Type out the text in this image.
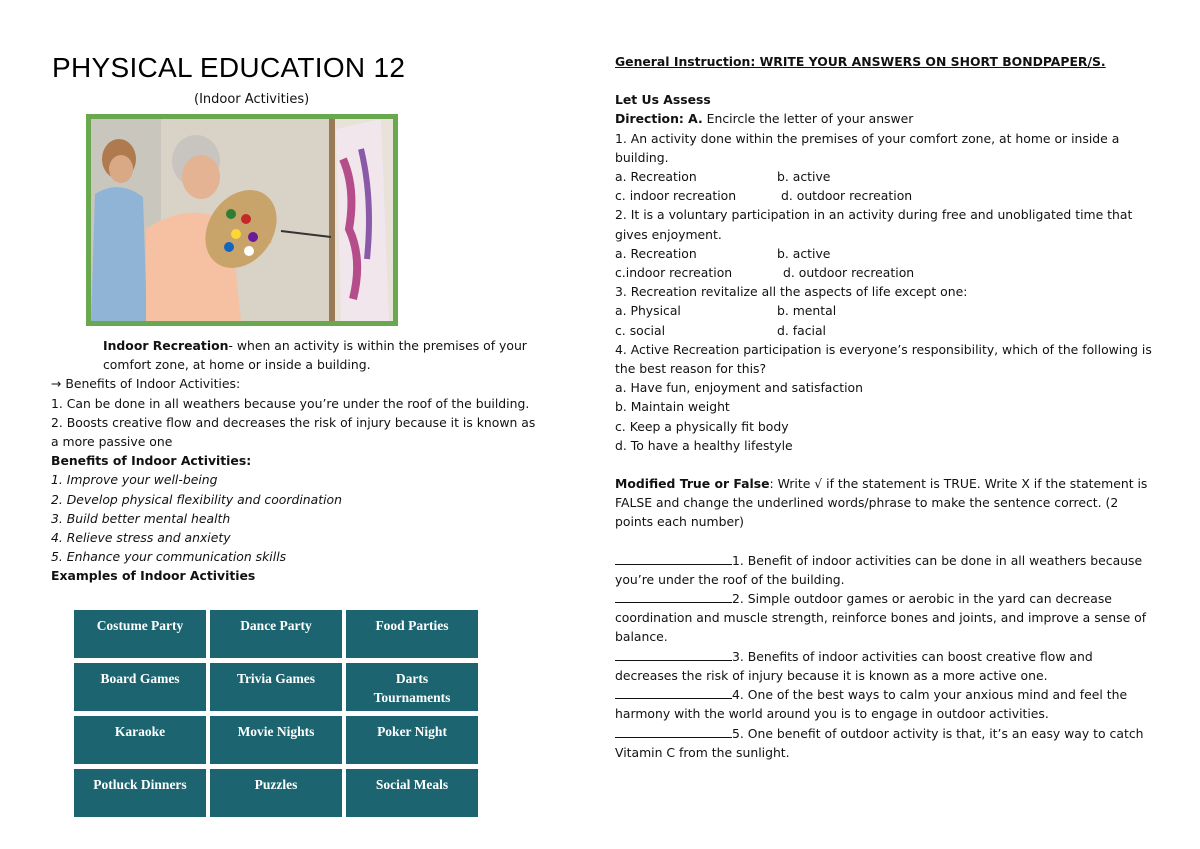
PHYSICAL EDUCATION 12
(Indoor Activities)

Indoor Recreation- when an activity is within the premises of your comfort zone, at home or inside a building.

→ Benefits of Indoor Activities:

1. Can be done in all weathers because you’re under the roof of the building.

2. Boosts creative flow and decreases the risk of injury because it is known as a more passive one

Benefits of Indoor Activities:

1. Improve your well-being

2. Develop physical flexibility and coordination

3. Build better mental health

4. Relieve stress and anxiety

5. Enhance your communication skills

Examples of Indoor Activities

Costume Party	Dance Party	Food Parties
Board Games	Trivia Games	Darts Tournaments
Karaoke	Movie Nights	Poker Night
Potluck Dinners	Puzzles	Social Meals

General Instruction: WRITE YOUR ANSWERS ON SHORT BONDPAPER/S.

Let Us Assess

Direction: A. Encircle the letter of your answer

1. An activity done within the premises of your comfort zone, at home or inside a building.

a. Recreation	b. active
c. indoor recreation	d. outdoor recreation

2. It is a voluntary participation in an activity during free and unobligated time that gives enjoyment.

a. Recreation	b. active
c.indoor recreation	d. outdoor recreation

3. Recreation revitalize all the aspects of life except one:

a. Physical	b. mental
c. social	d. facial

4. Active Recreation participation is everyone’s responsibility, which of the following is the best reason for this?

a. Have fun, enjoyment and satisfaction

b. Maintain weight

c. Keep a physically fit body

d. To have a healthy lifestyle

Modified True or False: Write √ if the statement is TRUE. Write X if the statement is FALSE and change the underlined words/phrase to make the sentence correct. (2 points each number)

1. Benefit of indoor activities can be done in all weathers because you’re under the roof of the building.

2. Simple outdoor games or aerobic in the yard can decrease coordination and muscle strength, reinforce bones and joints, and improve a sense of balance.

3. Benefits of indoor activities can boost creative flow and decreases the risk of injury because it is known as a more active one.

4. One of the best ways to calm your anxious mind and feel the harmony with the world around you is to engage in outdoor activities.

5. One benefit of outdoor activity is that, it’s an easy way to catch Vitamin C from the sunlight.
